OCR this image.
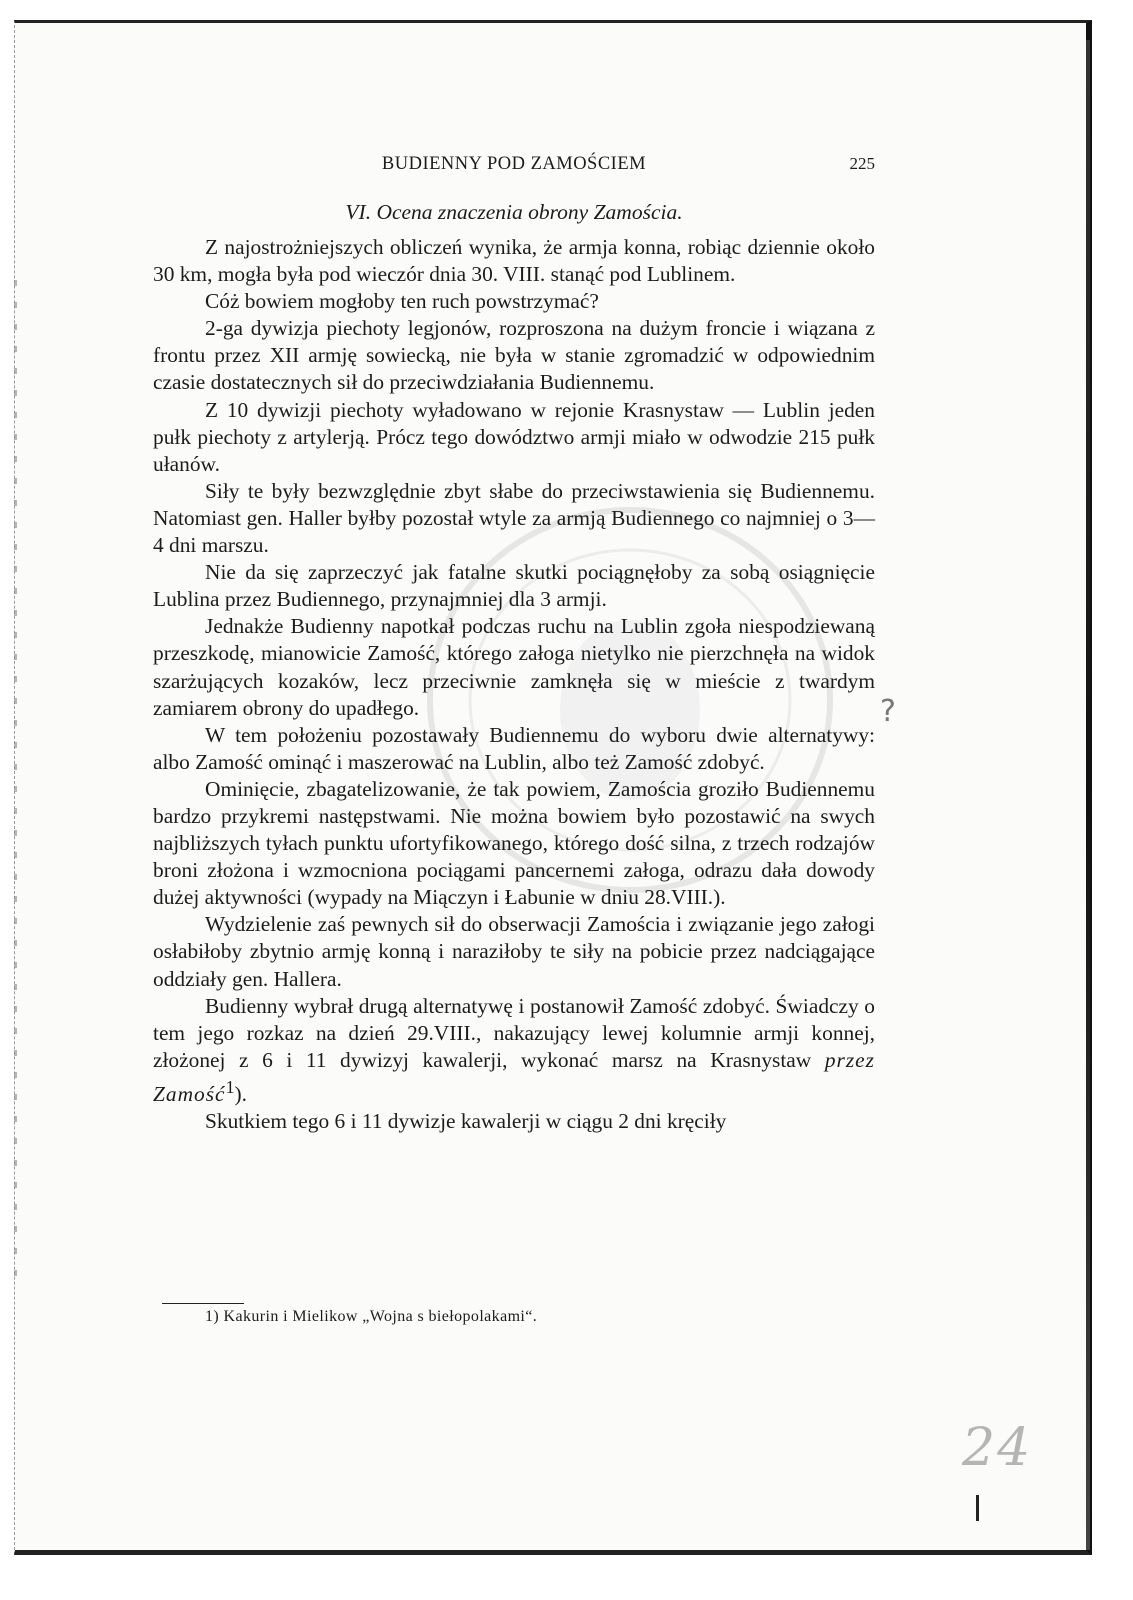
BUDIENNY POD ZAMOŚCIEM	225
VI. Ocena znaczenia obrony Zamościa.

Z najostrożniejszych obliczeń wynika, że armja konna, robiąc dziennie około 30 km, mogła była pod wieczór dnia 30. VIII. stanąć pod Lublinem.

Cóż bowiem mogłoby ten ruch powstrzymać?

2-ga dywizja piechoty legjonów, rozproszona na dużym froncie i wiązana z frontu przez XII armję sowiecką, nie była w stanie zgromadzić w odpowiednim czasie dostatecznych sił do przeciwdziałania Budiennemu.

Z 10 dywizji piechoty wyładowano w rejonie Krasnystaw — Lublin jeden pułk piechoty z artylerją. Prócz tego dowództwo armji miało w odwodzie 215 pułk ułanów.

Siły te były bezwzględnie zbyt słabe do przeciwstawienia się Budiennemu. Natomiast gen. Haller byłby pozostał wtyle za armją Budiennego co najmniej o 3—4 dni marszu.

Nie da się zaprzeczyć jak fatalne skutki pociągnęłoby za sobą osiągnięcie Lublina przez Budiennego, przynajmniej dla 3 armji.

Jednakże Budienny napotkał podczas ruchu na Lublin zgoła niespodziewaną przeszkodę, mianowicie Zamość, którego załoga nietylko nie pierzchnęła na widok szarżujących kozaków, lecz przeciwnie zamknęła się w mieście z twardym zamiarem obrony do upadłego.

W tem położeniu pozostawały Budiennemu do wyboru dwie alternatywy: albo Zamość ominąć i maszerować na Lublin, albo też Zamość zdobyć.

Ominięcie, zbagatelizowanie, że tak powiem, Zamościa groziło Budiennemu bardzo przykremi następstwami. Nie można bowiem było pozostawić na swych najbliższych tyłach punktu ufortyfikowanego, którego dość silna, z trzech rodzajów broni złożona i wzmocniona pociągami pancernemi załoga, odrazu dała dowody dużej aktywności (wypady na Miączyn i Łabunie w dniu 28.VIII.).

Wydzielenie zaś pewnych sił do obserwacji Zamościa i związanie jego załogi osłabiłoby zbytnio armję konną i naraziłoby te siły na pobicie przez nadciągające oddziały gen. Hallera.

Budienny wybrał drugą alternatywę i postanowił Zamość zdobyć. Świadczy o tem jego rozkaz na dzień 29.VIII., nakazujący lewej kolumnie armji konnej, złożonej z 6 i 11 dywizyj kawalerji, wykonać marsz na Krasnystaw przez Zamość$^1$).

Skutkiem tego 6 i 11 dywizje kawalerji w ciągu 2 dni kręciły

1) Kakurin i Mielikow „Wojna s biełopolakami“.
?
24
